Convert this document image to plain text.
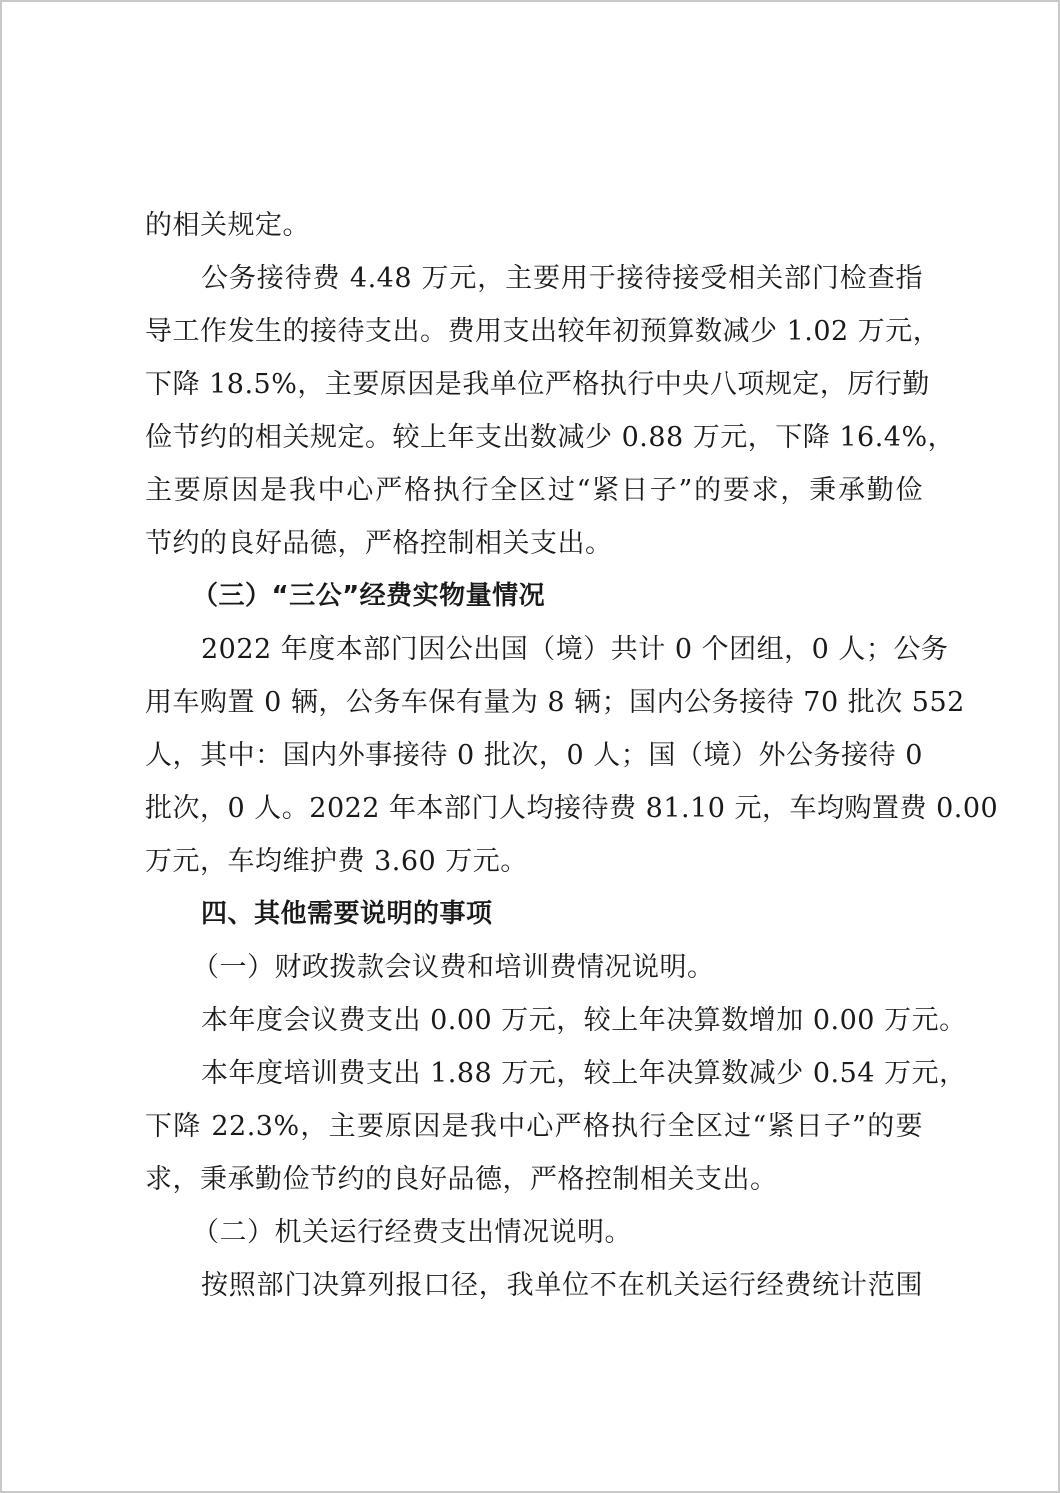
的相关规定。
公务接待费 4.48 万元，主要用于接待接受相关部门检查指
导工作发生的接待支出。费用支出较年初预算数减少 1.02 万元，
下降 18.5%，主要原因是我单位严格执行中央八项规定，厉行勤
俭节约的相关规定。较上年支出数减少 0.88 万元，下降 16.4%，
主要原因是我中心严格执行全区过“紧日子”的要求，秉承勤俭
节约的良好品德，严格控制相关支出。
（三）“三公”经费实物量情况
2022 年度本部门因公出国（境）共计 0 个团组，0 人；公务
用车购置 0 辆，公务车保有量为 8 辆；国内公务接待 70 批次 552
人，其中：国内外事接待 0 批次，0 人；国（境）外公务接待 0
批次，0 人。2022 年本部门人均接待费 81.10 元，车均购置费 0.00
万元，车均维护费 3.60 万元。
四、其他需要说明的事项
（一）财政拨款会议费和培训费情况说明。
本年度会议费支出 0.00 万元，较上年决算数增加 0.00 万元。
本年度培训费支出 1.88 万元，较上年决算数减少 0.54 万元，
下降 22.3%，主要原因是我中心严格执行全区过“紧日子”的要
求，秉承勤俭节约的良好品德，严格控制相关支出。
（二）机关运行经费支出情况说明。
按照部门决算列报口径，我单位不在机关运行经费统计范围
